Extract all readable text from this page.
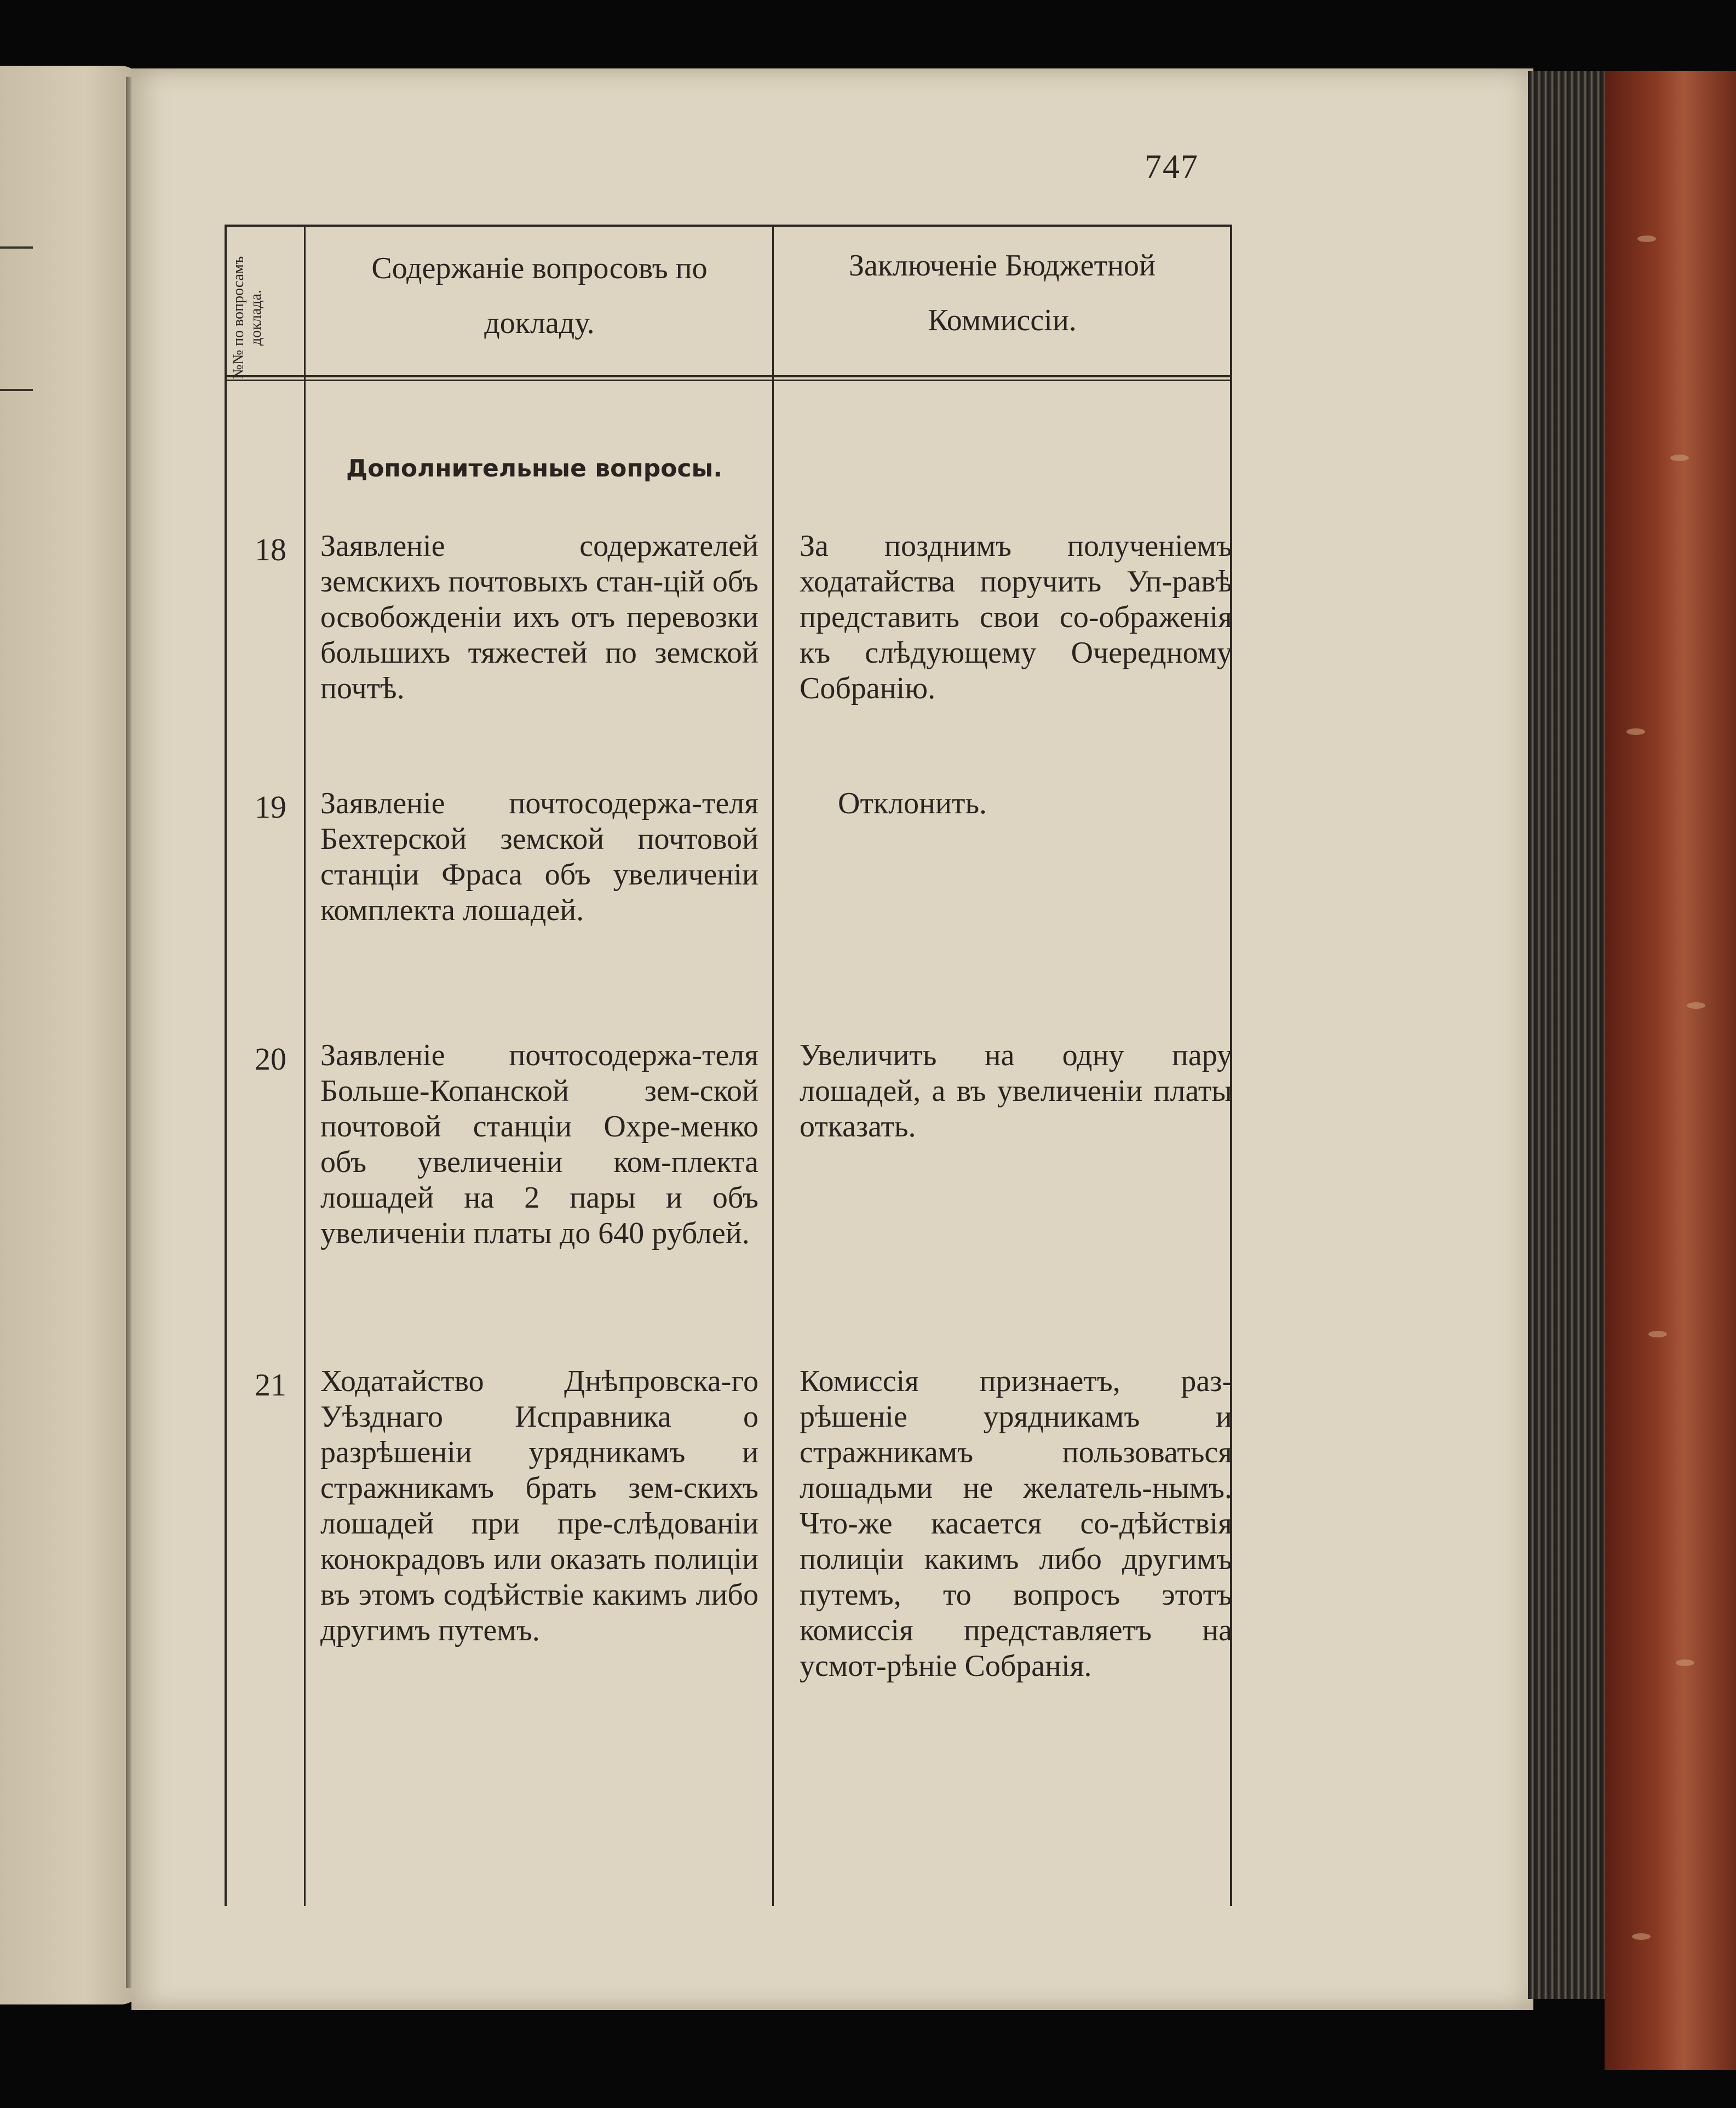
747
№№ по вопросамъ доклада.
Содержаніе вопросовъ по
докладу.
Заключеніе Бюджетной
Коммиссіи.
Дополнительные вопросы.
18 Заявленіе содержателей земскихъ почтовыхъ стан-цій объ освобожденіи ихъ отъ перевозки большихъ тяжестей по земской почтѣ.

За позднимъ полученіемъ ходатайства поручить Уп-равѣ представить свои со-ображенія къ слѣдующему Очередному Собранію.

19 Заявленіе почтосодержа-теля Бехтерской земской почтовой станціи Фраса объ увеличеніи комплекта лошадей.

Отклонить.

20 Заявленіе почтосодержа-теля Больше-Копанской зем-ской почтовой станціи Охре-менко объ увеличеніи ком-плекта лошадей на 2 пары и объ увеличеніи платы до 640 рублей.

Увеличить на одну пару лошадей, а въ увеличеніи платы отказать.

21 Ходатайство Днѣпровска-го Уѣзднаго Исправника о разрѣшеніи урядникамъ и стражникамъ брать зем-скихъ лошадей при пре-слѣдованіи конокрадовъ или оказать полиціи въ этомъ содѣйствіе какимъ либо другимъ путемъ.

Комиссія признаетъ, раз-рѣшеніе урядникамъ и стражникамъ пользоваться лошадьми не желатель-нымъ. Что-же касается со-дѣйствія полиціи какимъ либо другимъ путемъ, то вопросъ этотъ комиссія представляетъ на усмот-рѣніе Собранія.
